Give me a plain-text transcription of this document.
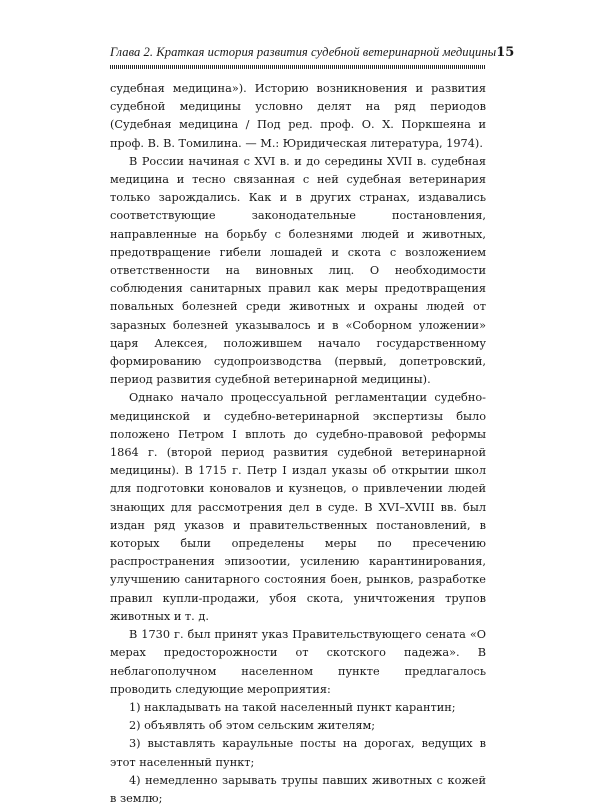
Глава 2. Краткая история развития судебной ветеринарной медицины 15

судебная медицина»). Историю возникновения и развития судебной медицины условно делят на ряд периодов (Судебная медицина / Под ред. проф. О. Х. Поркшеяна и проф. В. В. Томилина. — М.: Юридическая литература, 1974).

В России начиная с XVI в. и до середины XVII в. судебная медицина и тесно связанная с ней судебная ветеринария только зарождались. Как и в других странах, издавались соответствующие законодательные постановления, направленные на борьбу с болезнями людей и животных, предотвращение гибели лошадей и скота с возложением ответственности на виновных лиц. О необходимости соблюдения санитарных правил как меры предотвращения повальных болезней среди животных и охраны людей от заразных болезней указывалось и в «Соборном уложении» царя Алексея, положившем начало государственному формированию судопроизводства (первый, допетровский, период развития судебной ветеринарной медицины).

Однако начало процессуальной регламентации судебно-медицинской и судебно-ветеринарной экспертизы было положено Петром I вплоть до судебно-правовой реформы 1864 г. (второй период развития судебной ветеринарной медицины). В 1715 г. Петр I издал указы об открытии школ для подготовки коновалов и кузнецов, о привлечении людей знающих для рассмотрения дел в суде. В XVI–XVIII вв. был издан ряд указов и правительственных постановлений, в которых были определены меры по пресечению распространения эпизоотии, усилению карантинирования, улучшению санитарного состояния боен, рынков, разработке правил купли-продажи, убоя скота, уничтожения трупов животных и т. д.

В 1730 г. был принят указ Правительствующего сената «О мерах предосторожности от скотского падежа». В неблагополучном населенном пункте предлагалось проводить следующие мероприятия:

1) накладывать на такой населенный пункт карантин;

2) объявлять об этом сельским жителям;

3) выставлять караульные посты на дорогах, ведущих в этот населенный пункт;

4) немедленно зарывать трупы павших животных с кожей в землю;
